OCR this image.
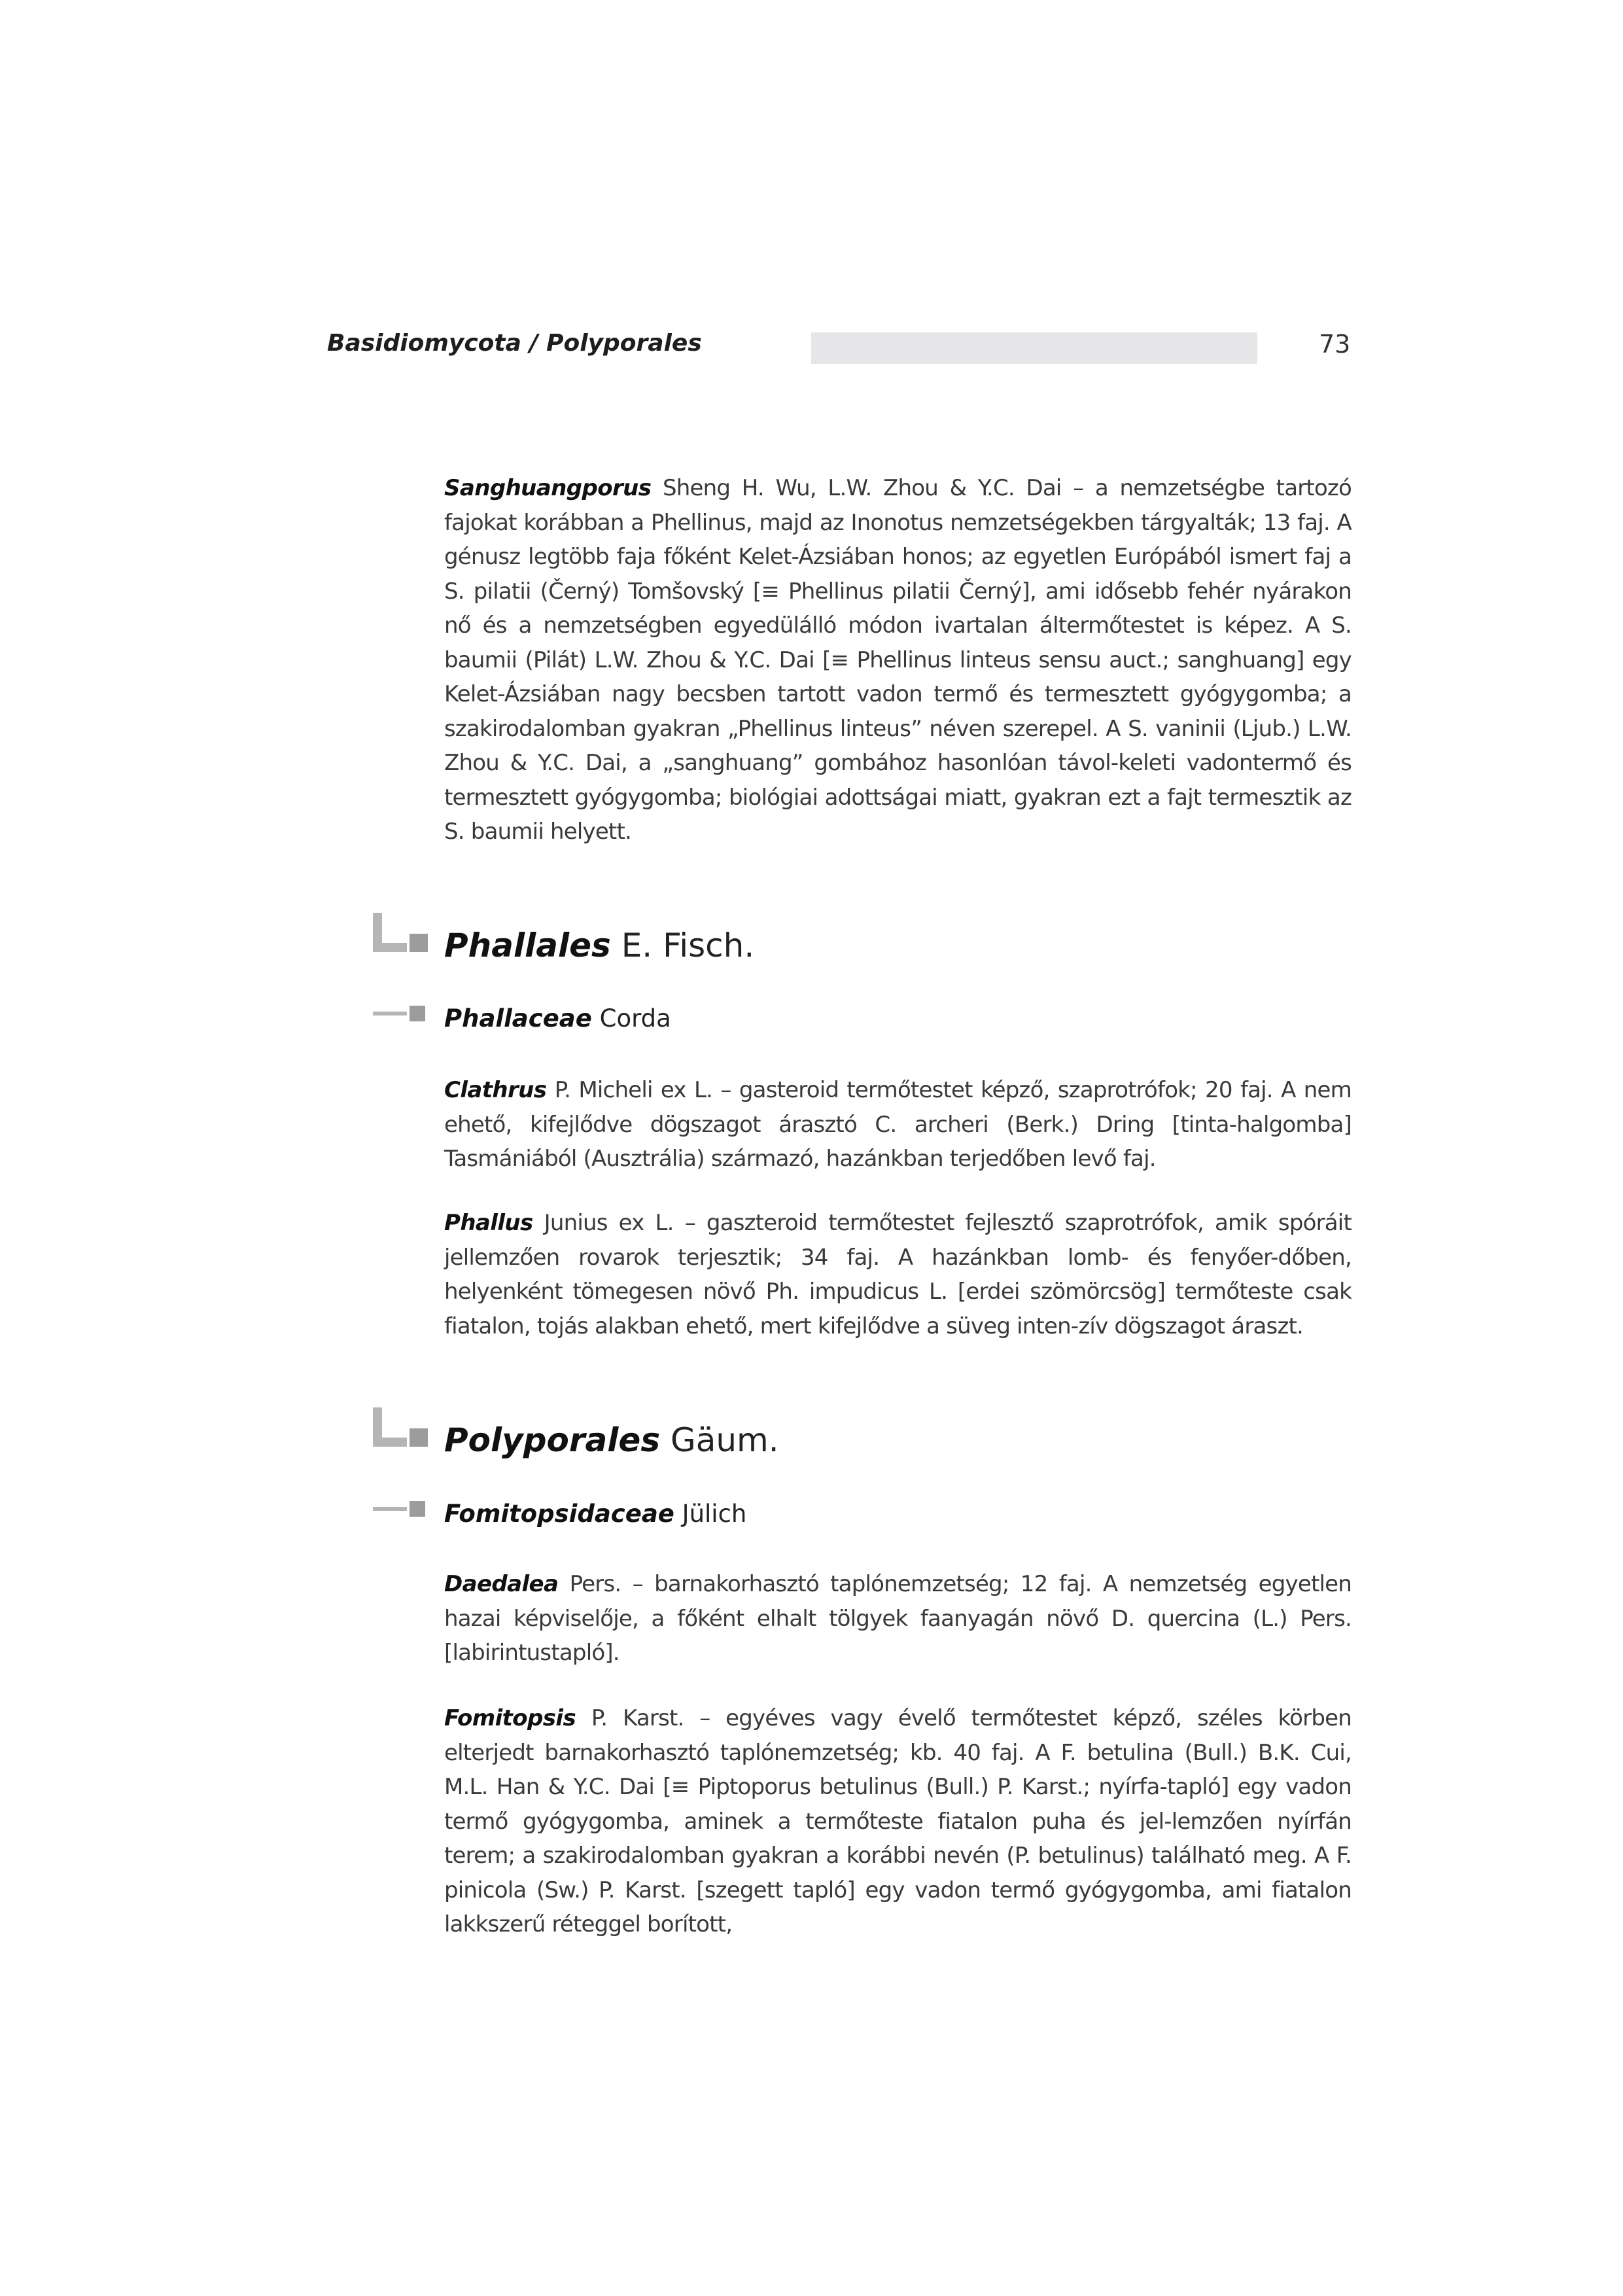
Basidiomycota / Polyporales	73

Sanghuangporus Sheng H. Wu, L.W. Zhou & Y.C. Dai – a nemzetségbe tartozó fajokat korábban a Phellinus, majd az Inonotus nemzetségekben tárgyalták; 13 faj. A génusz legtöbb faja főként Kelet-Ázsiában honos; az egyetlen Európából ismert faj a S. pilatii (Černý) Tomšovský [≡ Phellinus pilatii Černý], ami idősebb fehér nyárakon nő és a nemzetségben egyedülálló módon ivartalan áltermőtestet is képez. A S. baumii (Pilát) L.W. Zhou & Y.C. Dai [≡ Phellinus linteus sensu auct.; sanghuang] egy Kelet-Ázsiában nagy becsben tartott vadon termő és termesztett gyógygomba; a szakirodalomban gyakran „Phellinus linteus” néven szerepel. A S. vaninii (Ljub.) L.W. Zhou & Y.C. Dai, a „sanghuang” gombához hasonlóan távol-keleti vadontermő és termesztett gyógygomba; biológiai adottságai miatt, gyakran ezt a fajt termesztik az S. baumii helyett.

Phallales E. Fisch.
Phallaceae Corda

Clathrus P. Micheli ex L. – gasteroid termőtestet képző, szaprotrófok; 20 faj. A nem ehető, kifejlődve dögszagot árasztó C. archeri (Berk.) Dring [tinta-halgomba] Tasmániából (Ausztrália) származó, hazánkban terjedőben levő faj.

Phallus Junius ex L. – gaszteroid termőtestet fejlesztő szaprotrófok, amik spóráit jellemzően rovarok terjesztik; 34 faj. A hazánkban lomb- és fenyőer-dőben, helyenként tömegesen növő Ph. impudicus L. [erdei szömörcsög] termőteste csak fiatalon, tojás alakban ehető, mert kifejlődve a süveg inten-zív dögszagot áraszt.

Polyporales Gäum.
Fomitopsidaceae Jülich

Daedalea Pers. – barnakorhasztó taplónemzetség; 12 faj. A nemzetség egyetlen hazai képviselője, a főként elhalt tölgyek faanyagán növő D. quercina (L.) Pers. [labirintustapló].

Fomitopsis P. Karst. – egyéves vagy évelő termőtestet képző, széles körben elterjedt barnakorhasztó taplónemzetség; kb. 40 faj. A F. betulina (Bull.) B.K. Cui, M.L. Han & Y.C. Dai [≡ Piptoporus betulinus (Bull.) P. Karst.; nyírfa-tapló] egy vadon termő gyógygomba, aminek a termőteste fiatalon puha és jel-lemzően nyírfán terem; a szakirodalomban gyakran a korábbi nevén (P. betulinus) található meg. A F. pinicola (Sw.) P. Karst. [szegett tapló] egy vadon termő gyógygomba, ami fiatalon lakkszerű réteggel borított,
